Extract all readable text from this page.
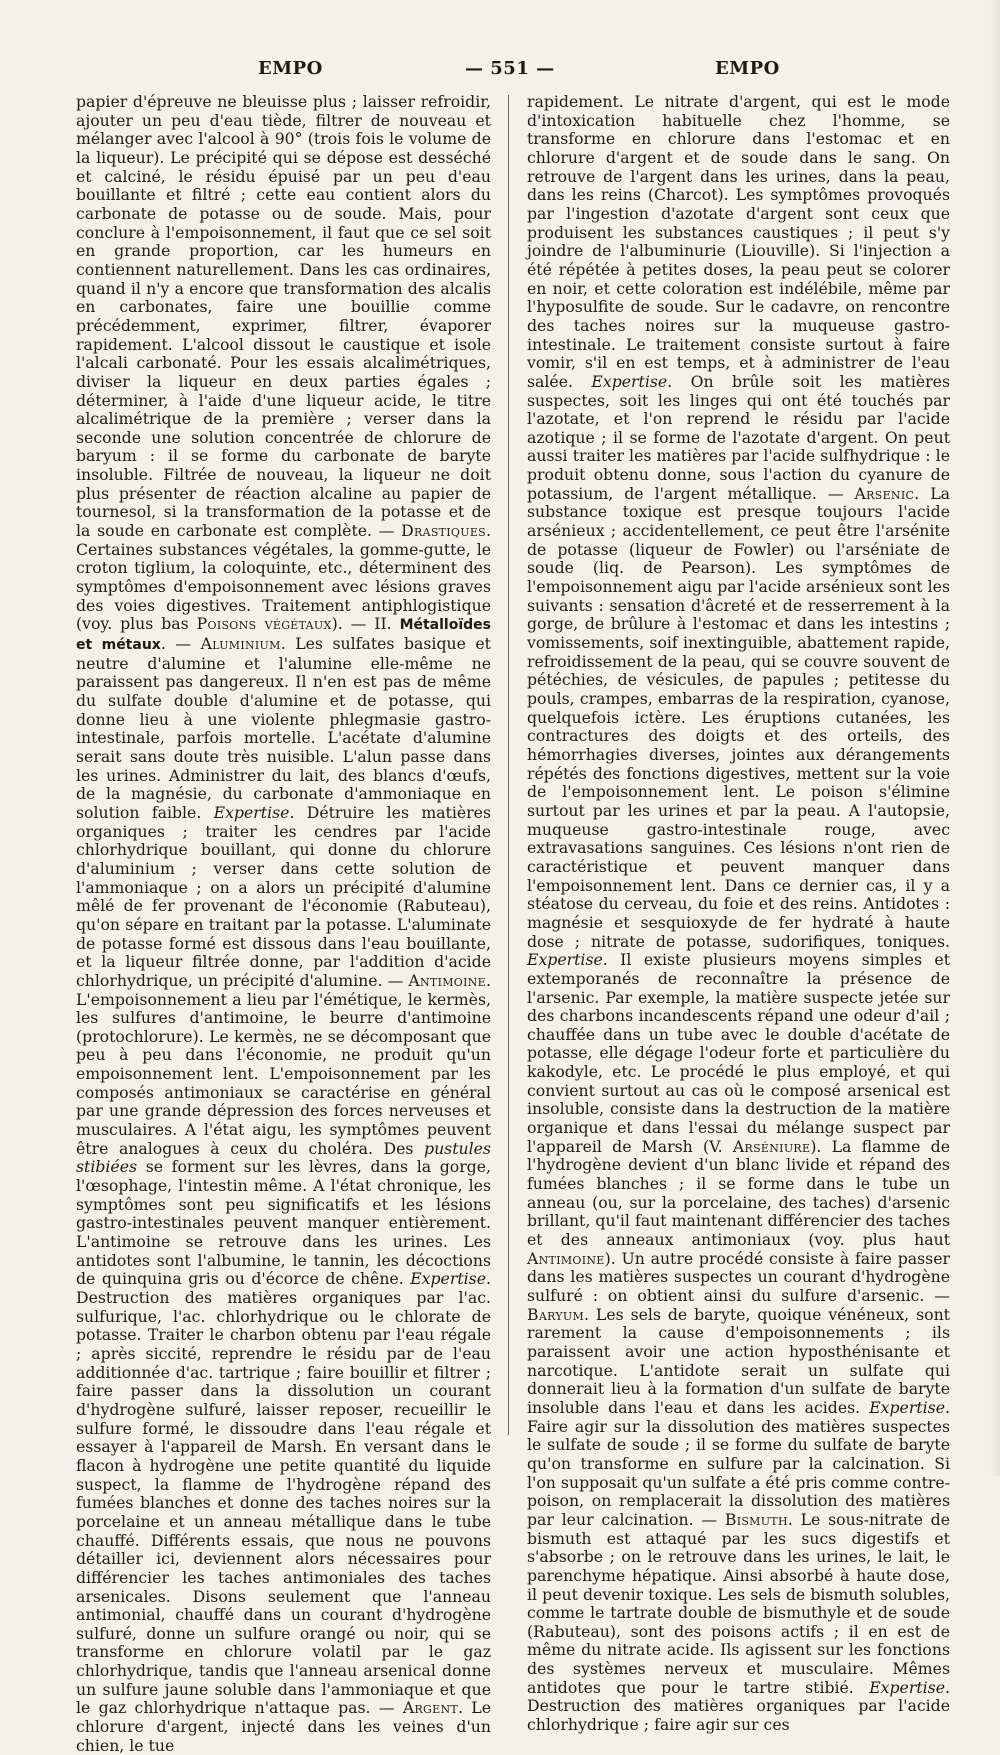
EMPO	— 551 —	EMPO

papier d'épreuve ne bleuisse plus ; laisser refroidir, ajouter un peu d'eau tiède, filtrer de nouveau et mélanger avec l'alcool à 90° (trois fois le volume de la liqueur). Le précipité qui se dépose est desséché et calciné, le résidu épuisé par un peu d'eau bouillante et filtré ; cette eau contient alors du carbonate de potasse ou de soude. Mais, pour conclure à l'empoisonnement, il faut que ce sel soit en grande proportion, car les humeurs en contiennent naturellement. Dans les cas ordinaires, quand il n'y a encore que transformation des alcalis en carbonates, faire une bouillie comme précédemment, exprimer, filtrer, évaporer rapidement. L'alcool dissout le caustique et isole l'alcali carbonaté. Pour les essais alcalimétriques, diviser la liqueur en deux parties égales ; déterminer, à l'aide d'une liqueur acide, le titre alcalimétrique de la première ; verser dans la seconde une solution concentrée de chlorure de baryum : il se forme du carbonate de baryte insoluble. Filtrée de nouveau, la liqueur ne doit plus présenter de réaction alcaline au papier de tournesol, si la transformation de la potasse et de la soude en carbonate est complète. — Drastiques. Certaines substances végétales, la gomme-gutte, le croton tiglium, la coloquinte, etc., déterminent des symptômes d'empoisonnement avec lésions graves des voies digestives. Traitement antiphlogistique (voy. plus bas Poisons végétaux). — II. Métalloïdes et métaux. — Aluminium. Les sulfates basique et neutre d'alumine et l'alumine elle-même ne paraissent pas dangereux. Il n'en est pas de même du sulfate double d'alumine et de potasse, qui donne lieu à une violente phlegmasie gastro-intestinale, parfois mortelle. L'acétate d'alumine serait sans doute très nuisible. L'alun passe dans les urines. Administrer du lait, des blancs d'œufs, de la magnésie, du carbonate d'ammoniaque en solution faible. Expertise. Détruire les matières organiques ; traiter les cendres par l'acide chlorhydrique bouillant, qui donne du chlorure d'aluminium ; verser dans cette solution de l'ammoniaque ; on a alors un précipité d'alumine mêlé de fer provenant de l'économie (Rabuteau), qu'on sépare en traitant par la potasse. L'aluminate de potasse formé est dissous dans l'eau bouillante, et la liqueur filtrée donne, par l'addition d'acide chlorhydrique, un précipité d'alumine. — Antimoine. L'empoisonnement a lieu par l'émétique, le kermès, les sulfures d'antimoine, le beurre d'antimoine (protochlorure). Le kermès, ne se décomposant que peu à peu dans l'économie, ne produit qu'un empoisonnement lent. L'empoisonnement par les composés antimoniaux se caractérise en général par une grande dépression des forces nerveuses et musculaires. A l'état aigu, les symptômes peuvent être analogues à ceux du choléra. Des pustules stibiées se forment sur les lèvres, dans la gorge, l'œsophage, l'intestin même. A l'état chronique, les symptômes sont peu significatifs et les lésions gastro-intestinales peuvent manquer entièrement. L'antimoine se retrouve dans les urines. Les antidotes sont l'albumine, le tannin, les décoctions de quinquina gris ou d'écorce de chêne. Expertise. Destruction des matières organiques par l'ac. sulfurique, l'ac. chlorhydrique ou le chlorate de potasse. Traiter le charbon obtenu par l'eau régale ; après siccité, reprendre le résidu par de l'eau additionnée d'ac. tartrique ; faire bouillir et filtrer ; faire passer dans la dissolution un courant d'hydrogène sulfuré, laisser reposer, recueillir le sulfure formé, le dissoudre dans l'eau régale et essayer à l'appareil de Marsh. En versant dans le flacon à hydrogène une petite quantité du liquide suspect, la flamme de l'hydrogène répand des fumées blanches et donne des taches noires sur la porcelaine et un anneau métallique dans le tube chauffé. Différents essais, que nous ne pouvons détailler ici, deviennent alors nécessaires pour différencier les taches antimoniales des taches arsenicales. Disons seulement que l'anneau antimonial, chauffé dans un courant d'hydrogène sulfuré, donne un sulfure orangé ou noir, qui se transforme en chlorure volatil par le gaz chlorhydrique, tandis que l'anneau arsenical donne un sulfure jaune soluble dans l'ammoniaque et que le gaz chlorhydrique n'attaque pas. — Argent. Le chlorure d'argent, injecté dans les veines d'un chien, le tue

rapidement. Le nitrate d'argent, qui est le mode d'intoxication habituelle chez l'homme, se transforme en chlorure dans l'estomac et en chlorure d'argent et de soude dans le sang. On retrouve de l'argent dans les urines, dans la peau, dans les reins (Charcot). Les symptômes provoqués par l'ingestion d'azotate d'argent sont ceux que produisent les substances caustiques ; il peut s'y joindre de l'albuminurie (Liouville). Si l'injection a été répétée à petites doses, la peau peut se colorer en noir, et cette coloration est indélébile, même par l'hyposulfite de soude. Sur le cadavre, on rencontre des taches noires sur la muqueuse gastro-intestinale. Le traitement consiste surtout à faire vomir, s'il en est temps, et à administrer de l'eau salée. Expertise. On brûle soit les matières suspectes, soit les linges qui ont été touchés par l'azotate, et l'on reprend le résidu par l'acide azotique ; il se forme de l'azotate d'argent. On peut aussi traiter les matières par l'acide sulfhydrique : le produit obtenu donne, sous l'action du cyanure de potassium, de l'argent métallique. — Arsenic. La substance toxique est presque toujours l'acide arsénieux ; accidentellement, ce peut être l'arsénite de potasse (liqueur de Fowler) ou l'arséniate de soude (liq. de Pearson). Les symptômes de l'empoisonnement aigu par l'acide arsénieux sont les suivants : sensation d'âcreté et de resserrement à la gorge, de brûlure à l'estomac et dans les intestins ; vomissements, soif inextinguible, abattement rapide, refroidissement de la peau, qui se couvre souvent de pétéchies, de vésicules, de papules ; petitesse du pouls, crampes, embarras de la respiration, cyanose, quelquefois ictère. Les éruptions cutanées, les contractures des doigts et des orteils, des hémorrhagies diverses, jointes aux dérangements répétés des fonctions digestives, mettent sur la voie de l'empoisonnement lent. Le poison s'élimine surtout par les urines et par la peau. A l'autopsie, muqueuse gastro-intestinale rouge, avec extravasations sanguines. Ces lésions n'ont rien de caractéristique et peuvent manquer dans l'empoisonnement lent. Dans ce dernier cas, il y a stéatose du cerveau, du foie et des reins. Antidotes : magnésie et sesquioxyde de fer hydraté à haute dose ; nitrate de potasse, sudorifiques, toniques. Expertise. Il existe plusieurs moyens simples et extemporanés de reconnaître la présence de l'arsenic. Par exemple, la matière suspecte jetée sur des charbons incandescents répand une odeur d'ail ; chauffée dans un tube avec le double d'acétate de potasse, elle dégage l'odeur forte et particulière du kakodyle, etc. Le procédé le plus employé, et qui convient surtout au cas où le composé arsenical est insoluble, consiste dans la destruction de la matière organique et dans l'essai du mélange suspect par l'appareil de Marsh (V. Arséniure). La flamme de l'hydrogène devient d'un blanc livide et répand des fumées blanches ; il se forme dans le tube un anneau (ou, sur la porcelaine, des taches) d'arsenic brillant, qu'il faut maintenant différencier des taches et des anneaux antimoniaux (voy. plus haut Antimoine). Un autre procédé consiste à faire passer dans les matières suspectes un courant d'hydrogène sulfuré : on obtient ainsi du sulfure d'arsenic. — Baryum. Les sels de baryte, quoique vénéneux, sont rarement la cause d'empoisonnements ; ils paraissent avoir une action hyposthénisante et narcotique. L'antidote serait un sulfate qui donnerait lieu à la formation d'un sulfate de baryte insoluble dans l'eau et dans les acides. Expertise. Faire agir sur la dissolution des matières suspectes le sulfate de soude ; il se forme du sulfate de baryte qu'on transforme en sulfure par la calcination. Si l'on supposait qu'un sulfate a été pris comme contre-poison, on remplacerait la dissolution des matières par leur calcination. — Bismuth. Le sous-nitrate de bismuth est attaqué par les sucs digestifs et s'absorbe ; on le retrouve dans les urines, le lait, le parenchyme hépatique. Ainsi absorbé à haute dose, il peut devenir toxique. Les sels de bismuth solubles, comme le tartrate double de bismuthyle et de soude (Rabuteau), sont des poisons actifs ; il en est de même du nitrate acide. Ils agissent sur les fonctions des systèmes nerveux et musculaire. Mêmes antidotes que pour le tartre stibié. Expertise. Destruction des matières organiques par l'acide chlorhydrique ; faire agir sur ces
